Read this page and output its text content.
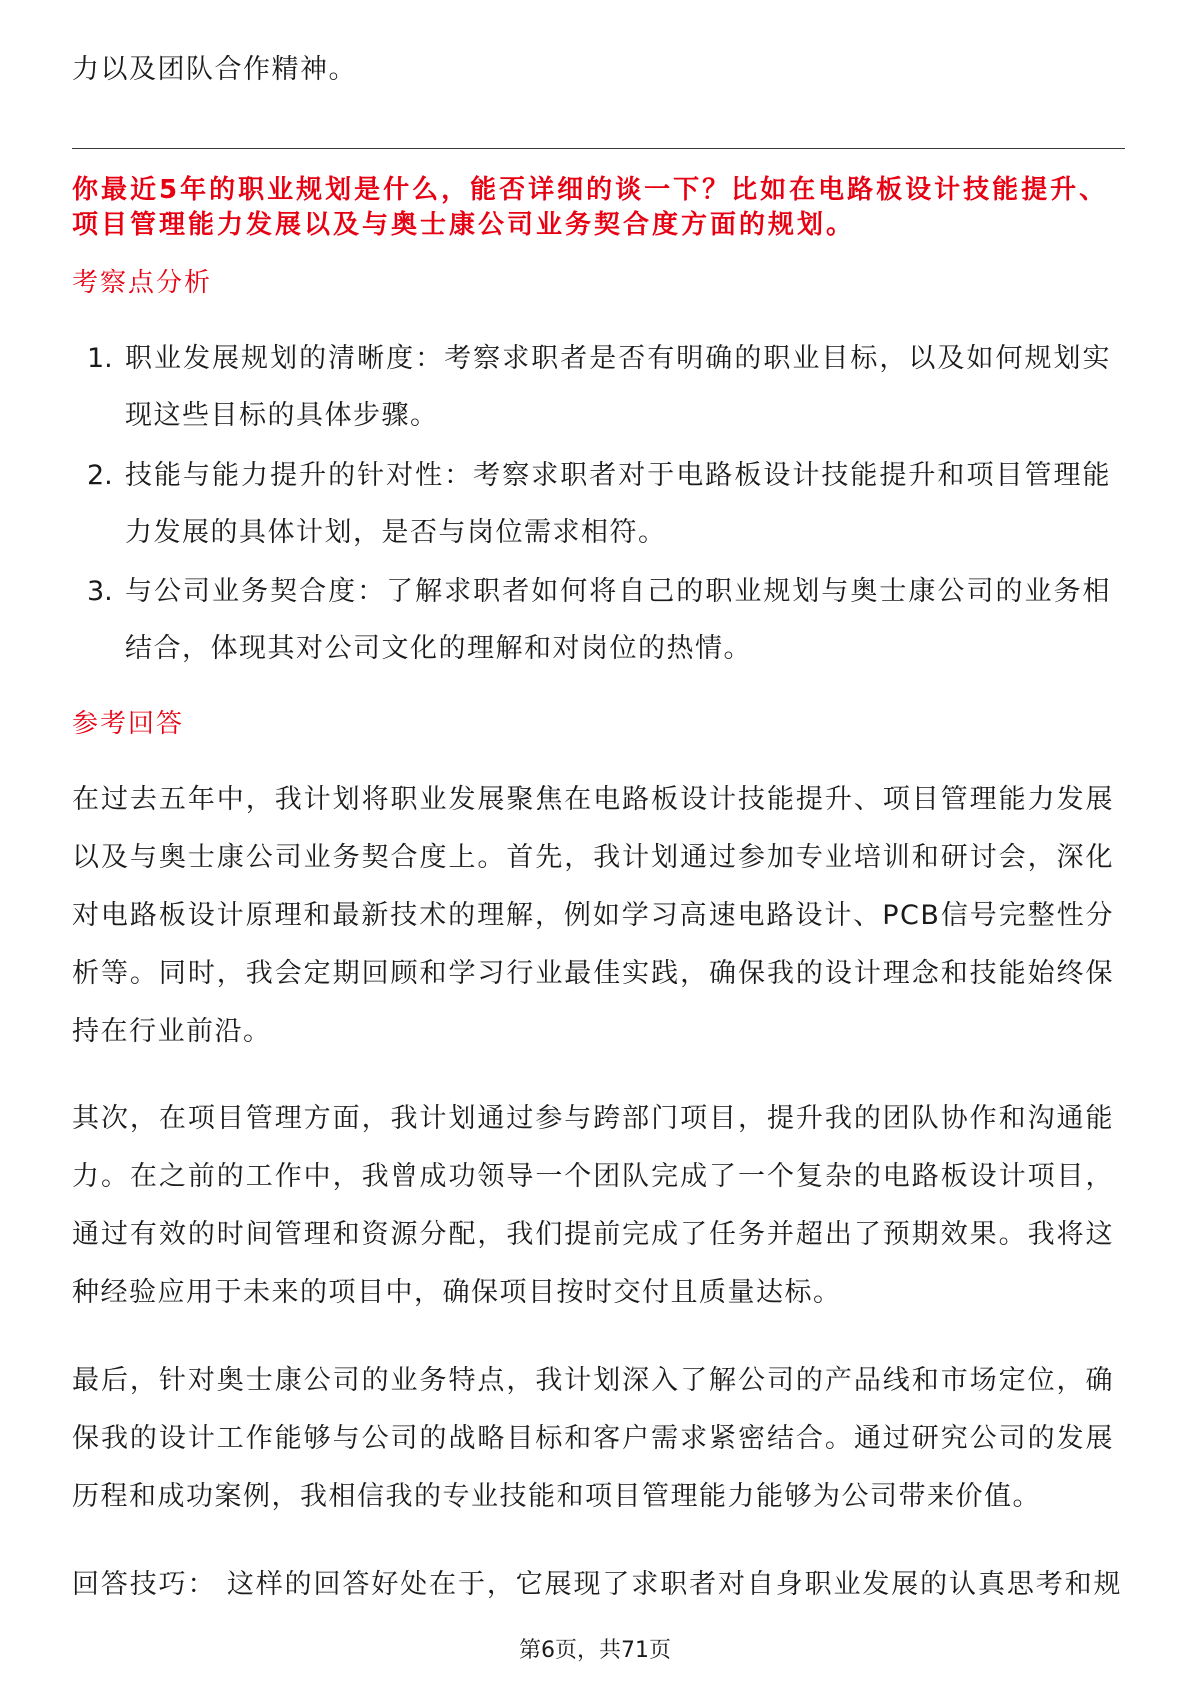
力以及团队合作精神。
你最近5年的职业规划是什么，能否详细的谈一下？比如在电路板设计技能提升、
项目管理能力发展以及与奥士康公司业务契合度方面的规划。
考察点分析
1. 职业发展规划的清晰度：考察求职者是否有明确的职业目标，以及如何规划实
现这些目标的具体步骤。
2. 技能与能力提升的针对性：考察求职者对于电路板设计技能提升和项目管理能
力发展的具体计划，是否与岗位需求相符。
3. 与公司业务契合度：了解求职者如何将自己的职业规划与奥士康公司的业务相
结合，体现其对公司文化的理解和对岗位的热情。
参考回答
在过去五年中，我计划将职业发展聚焦在电路板设计技能提升、项目管理能力发展
以及与奥士康公司业务契合度上。首先，我计划通过参加专业培训和研讨会，深化
对电路板设计原理和最新技术的理解，例如学习高速电路设计、PCB信号完整性分
析等。同时，我会定期回顾和学习行业最佳实践，确保我的设计理念和技能始终保
持在行业前沿。
其次，在项目管理方面，我计划通过参与跨部门项目，提升我的团队协作和沟通能
力。在之前的工作中，我曾成功领导一个团队完成了一个复杂的电路板设计项目，
通过有效的时间管理和资源分配，我们提前完成了任务并超出了预期效果。我将这
种经验应用于未来的项目中，确保项目按时交付且质量达标。
最后，针对奥士康公司的业务特点，我计划深入了解公司的产品线和市场定位，确
保我的设计工作能够与公司的战略目标和客户需求紧密结合。通过研究公司的发展
历程和成功案例，我相信我的专业技能和项目管理能力能够为公司带来价值。
回答技巧： 这样的回答好处在于，它展现了求职者对自身职业发展的认真思考和规
第6页，共71页
